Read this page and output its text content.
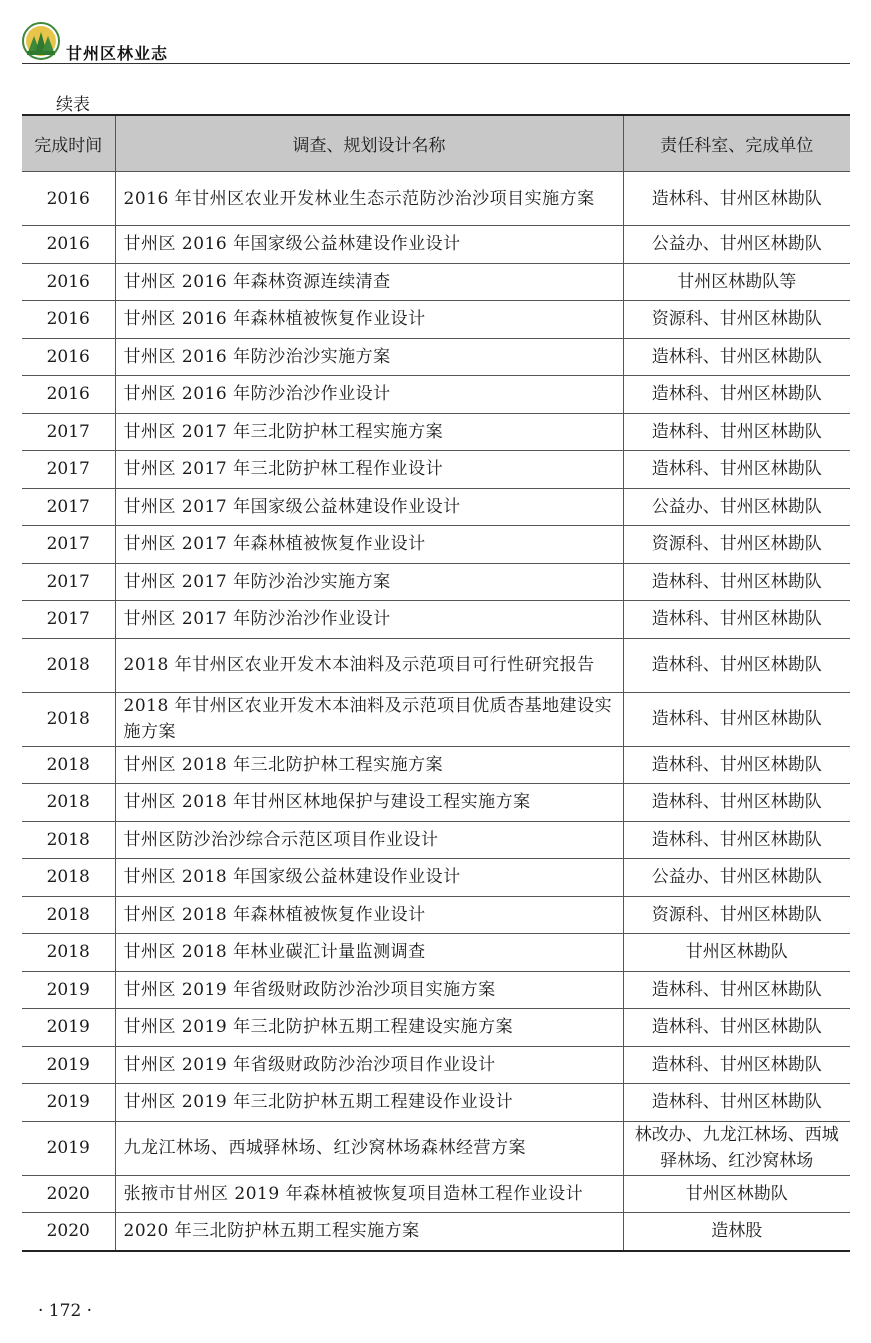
甘州区林业志
续表
完成时间	调查、规划设计名称	责任科室、完成单位
2016	2016 年甘州区农业开发林业生态示范防沙治沙项目实施方案	造林科、甘州区林勘队
2016	甘州区 2016 年国家级公益林建设作业设计	公益办、甘州区林勘队
2016	甘州区 2016 年森林资源连续清查	甘州区林勘队等
2016	甘州区 2016 年森林植被恢复作业设计	资源科、甘州区林勘队
2016	甘州区 2016 年防沙治沙实施方案	造林科、甘州区林勘队
2016	甘州区 2016 年防沙治沙作业设计	造林科、甘州区林勘队
2017	甘州区 2017 年三北防护林工程实施方案	造林科、甘州区林勘队
2017	甘州区 2017 年三北防护林工程作业设计	造林科、甘州区林勘队
2017	甘州区 2017 年国家级公益林建设作业设计	公益办、甘州区林勘队
2017	甘州区 2017 年森林植被恢复作业设计	资源科、甘州区林勘队
2017	甘州区 2017 年防沙治沙实施方案	造林科、甘州区林勘队
2017	甘州区 2017 年防沙治沙作业设计	造林科、甘州区林勘队
2018	2018 年甘州区农业开发木本油料及示范项目可行性研究报告	造林科、甘州区林勘队
2018	2018 年甘州区农业开发木本油料及示范项目优质杏基地建设实施方案	造林科、甘州区林勘队
2018	甘州区 2018 年三北防护林工程实施方案	造林科、甘州区林勘队
2018	甘州区 2018 年甘州区林地保护与建设工程实施方案	造林科、甘州区林勘队
2018	甘州区防沙治沙综合示范区项目作业设计	造林科、甘州区林勘队
2018	甘州区 2018 年国家级公益林建设作业设计	公益办、甘州区林勘队
2018	甘州区 2018 年森林植被恢复作业设计	资源科、甘州区林勘队
2018	甘州区 2018 年林业碳汇计量监测调查	甘州区林勘队
2019	甘州区 2019 年省级财政防沙治沙项目实施方案	造林科、甘州区林勘队
2019	甘州区 2019 年三北防护林五期工程建设实施方案	造林科、甘州区林勘队
2019	甘州区 2019 年省级财政防沙治沙项目作业设计	造林科、甘州区林勘队
2019	甘州区 2019 年三北防护林五期工程建设作业设计	造林科、甘州区林勘队
2019	九龙江林场、西城驿林场、红沙窝林场森林经营方案	林改办、九龙江林场、西城驿林场、红沙窝林场
2020	张掖市甘州区 2019 年森林植被恢复项目造林工程作业设计	甘州区林勘队
2020	2020 年三北防护林五期工程实施方案	造林股
· 172 ·
